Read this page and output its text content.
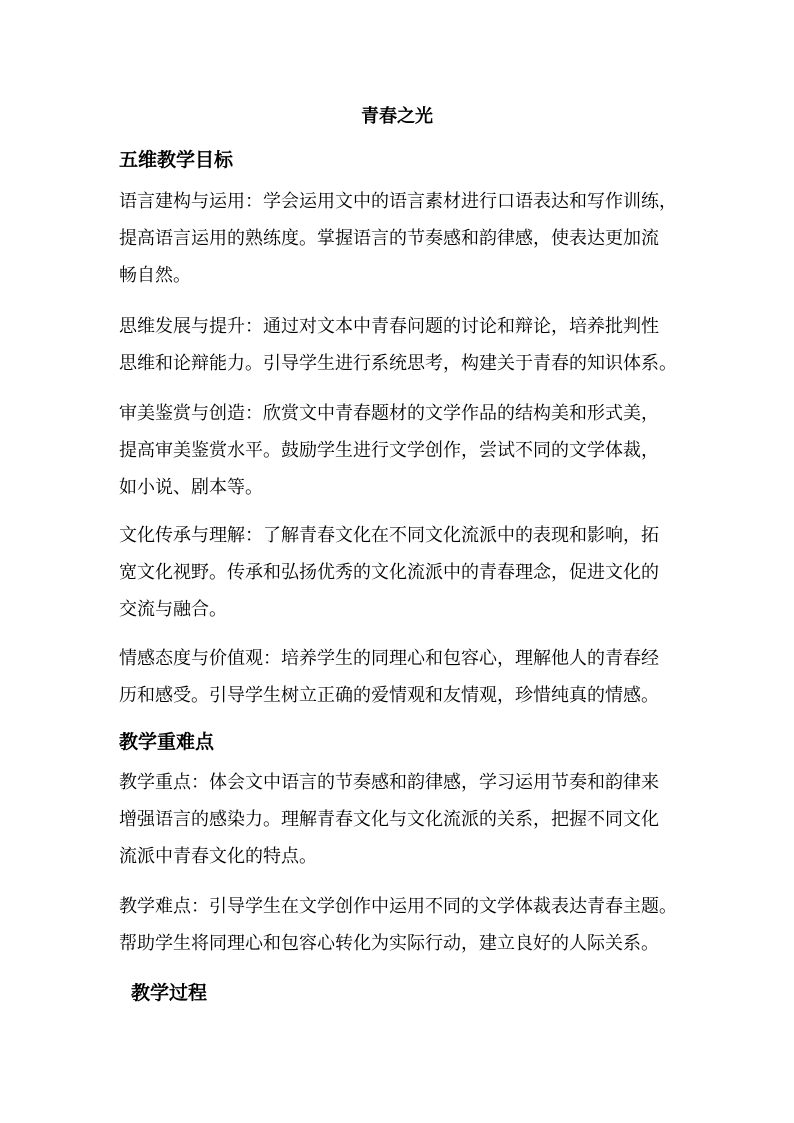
青春之光
五维教学目标
语言建构与运用：学会运用文中的语言素材进行口语表达和写作训练，
提高语言运用的熟练度。掌握语言的节奏感和韵律感，使表达更加流
畅自然。
思维发展与提升：通过对文本中青春问题的讨论和辩论，培养批判性
思维和论辩能力。引导学生进行系统思考，构建关于青春的知识体系。
审美鉴赏与创造：欣赏文中青春题材的文学作品的结构美和形式美，
提高审美鉴赏水平。鼓励学生进行文学创作，尝试不同的文学体裁，
如小说、剧本等。
文化传承与理解：了解青春文化在不同文化流派中的表现和影响，拓
宽文化视野。传承和弘扬优秀的文化流派中的青春理念，促进文化的
交流与融合。
情感态度与价值观：培养学生的同理心和包容心，理解他人的青春经
历和感受。引导学生树立正确的爱情观和友情观，珍惜纯真的情感。
教学重难点
教学重点：体会文中语言的节奏感和韵律感，学习运用节奏和韵律来
增强语言的感染力。理解青春文化与文化流派的关系，把握不同文化
流派中青春文化的特点。
教学难点：引导学生在文学创作中运用不同的文学体裁表达青春主题。
帮助学生将同理心和包容心转化为实际行动，建立良好的人际关系。
教学过程
